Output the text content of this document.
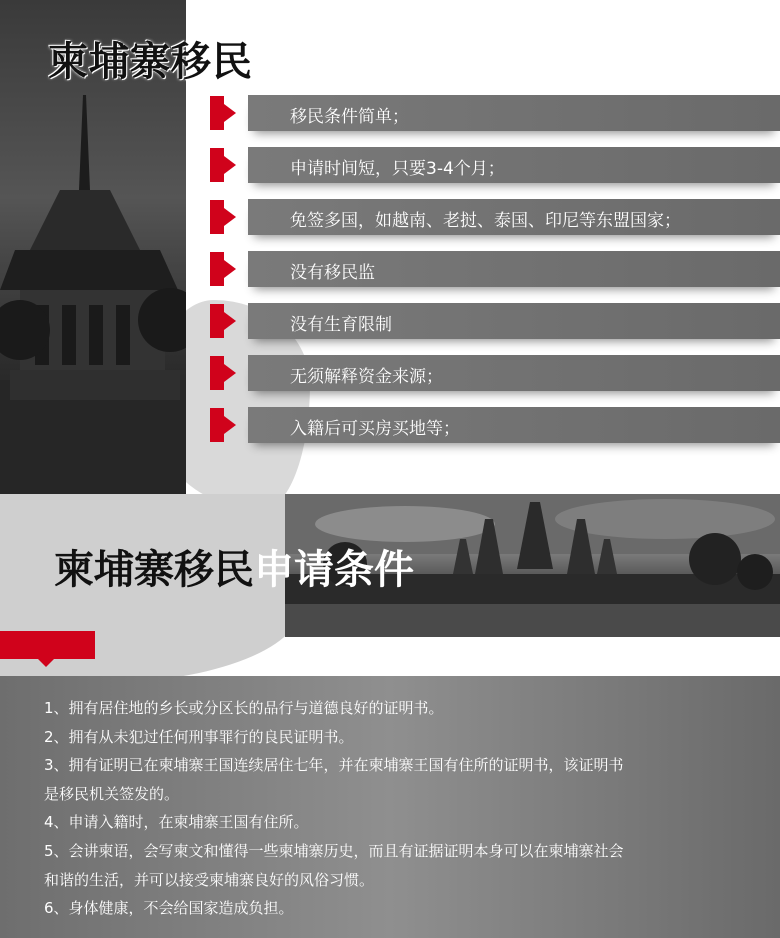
柬埔寨移民优势
移民条件简单；
申请时间短，只要3-4个月；
免签多国，如越南、老挝、泰国、印尼等东盟国家；
没有移民监
没有生育限制
无须解释资金来源；
入籍后可买房买地等；
柬埔寨移民申请条件

1、拥有居住地的乡长或分区长的品行与道德良好的证明书。

2、拥有从未犯过任何刑事罪行的良民证明书。

3、拥有证明已在柬埔寨王国连续居住七年，并在柬埔寨王国有住所的证明书，该证明书

是移民机关签发的。

4、申请入籍时，在柬埔寨王国有住所。

5、会讲柬语，会写柬文和懂得一些柬埔寨历史，而且有证据证明本身可以在柬埔寨社会

和谐的生活，并可以接受柬埔寨良好的风俗习惯。

6、身体健康，不会给国家造成负担。
